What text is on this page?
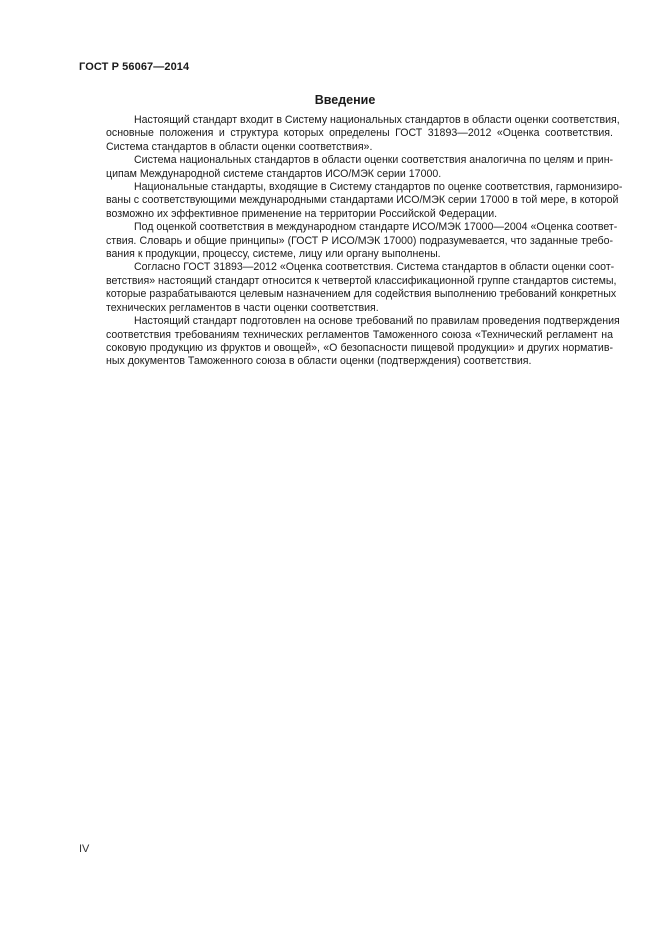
ГОСТ Р 56067—2014
Введение
Настоящий стандарт входит в Систему национальных стандартов в области оценки соответствия,
основные положения и структура которых определены ГОСТ 31893—2012 «Оценка соответствия.
Система стандартов в области оценки соответствия».
Система национальных стандартов в области оценки соответствия аналогична по целям и прин-
ципам Международной системе стандартов ИСО/МЭК серии 17000.
Национальные стандарты, входящие в Систему стандартов по оценке соответствия, гармонизиро-
ваны с соответствующими международными стандартами ИСО/МЭК серии 17000 в той мере, в которой
возможно их эффективное применение на территории Российской Федерации.
Под оценкой соответствия в международном стандарте ИСО/МЭК 17000—2004 «Оценка соответ-
ствия. Словарь и общие принципы» (ГОСТ Р ИСО/МЭК 17000) подразумевается, что заданные требо-
вания к продукции, процессу, системе, лицу или органу выполнены.
Согласно ГОСТ 31893—2012 «Оценка соответствия. Система стандартов в области оценки соот-
ветствия» настоящий стандарт относится к четвертой классификационной группе стандартов системы,
которые разрабатываются целевым назначением для содействия выполнению требований конкретных
технических регламентов в части оценки соответствия.
Настоящий стандарт подготовлен на основе требований по правилам проведения подтверждения
соответствия требованиям технических регламентов Таможенного союза «Технический регламент на
соковую продукцию из фруктов и овощей», «О безопасности пищевой продукции» и других норматив-
ных документов Таможенного союза в области оценки (подтверждения) соответствия.
IV
